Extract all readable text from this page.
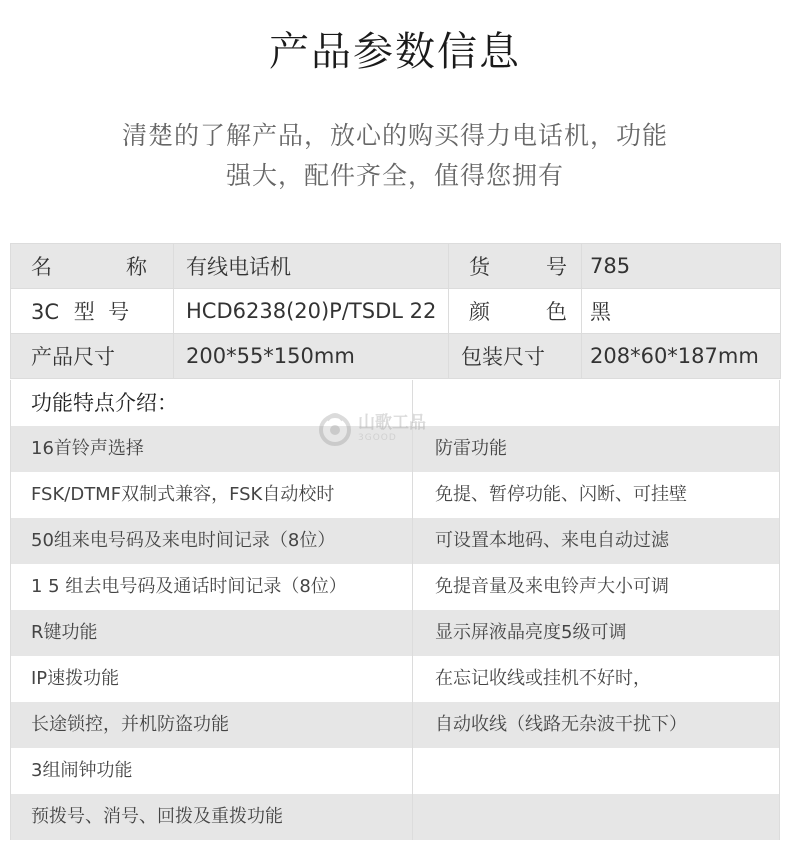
产品参数信息
清楚的了解产品，放心的购买得力电话机，功能
强大，配件齐全，值得您拥有
名 称	有线电话机	货 号	785
3C 型  号	HCD6238(20)P/TSDL 22	颜 色	黑
产品尺寸	200*55*150mm	包装尺寸	208*60*187mm
功能特点介绍：
16首铃声选择	防雷功能
FSK/DTMF双制式兼容，FSK自动校时	免提、暂停功能、闪断、可挂壁
50组来电号码及来电时间记录（8位）	可设置本地码、来电自动过滤
1 5 组去电号码及通话时间记录（8位）	免提音量及来电铃声大小可调
R键功能	显示屏液晶亮度5级可调
IP速拨功能	在忘记收线或挂机不好时，
长途锁控，并机防盗功能	自动收线（线路无杂波干扰下）
3组闹钟功能
预拨号、消号、回拨及重拨功能
山歌工品
3GOOD
